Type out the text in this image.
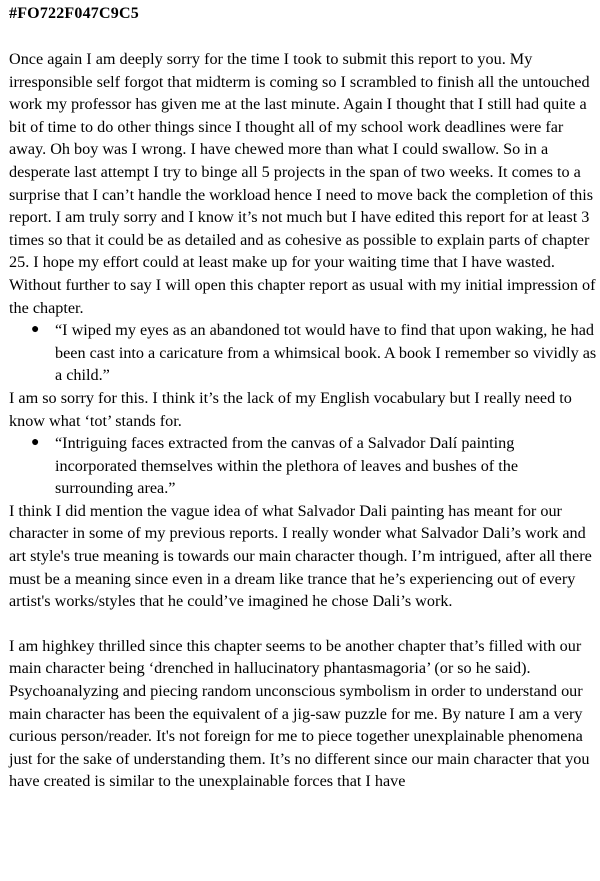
#FO722F047C9C5

Once again I am deeply sorry for the time I took to submit this report to you. My irresponsible self forgot that midterm is coming so I scrambled to finish all the untouched work my professor has given me at the last minute. Again I thought that I still had quite a bit of time to do other things since I thought all of my school work deadlines were far away. Oh boy was I wrong. I have chewed more than what I could swallow. So in a desperate last attempt I try to binge all 5 projects in the span of two weeks. It comes to a surprise that I can’t handle the workload hence I need to move back the completion of this report. I am truly sorry and I know it’s not much but I have edited this report for at least 3 times so that it could be as detailed and as cohesive as possible to explain parts of chapter 25. I hope my effort could at least make up for your waiting time that I have wasted. Without further to say I will open this chapter report as usual with my initial impression of the chapter.

● “I wiped my eyes as an abandoned tot would have to find that upon waking, he had been cast into a caricature from a whimsical book. A book I remember so vividly as a child.”

I am so sorry for this. I think it’s the lack of my English vocabulary but I really need to know what ‘tot’ stands for.

● “Intriguing faces extracted from the canvas of a Salvador Dalí painting incorporated themselves within the plethora of leaves and bushes of the surrounding area.”

I think I did mention the vague idea of what Salvador Dali painting has meant for our character in some of my previous reports. I really wonder what Salvador Dali’s work and art style's true meaning is towards our main character though. I’m intrigued, after all there must be a meaning since even in a dream like trance that he’s experiencing out of every artist's works/styles that he could’ve imagined he chose Dali’s work.

I am highkey thrilled since this chapter seems to be another chapter that’s filled with our main character being ‘drenched in hallucinatory phantasmagoria’ (or so he said). Psychoanalyzing and piecing random unconscious symbolism in order to understand our main character has been the equivalent of a jig-saw puzzle for me. By nature I am a very curious person/reader. It's not foreign for me to piece together unexplainable phenomena just for the sake of understanding them. It’s no different since our main character that you have created is similar to the unexplainable forces that I have
